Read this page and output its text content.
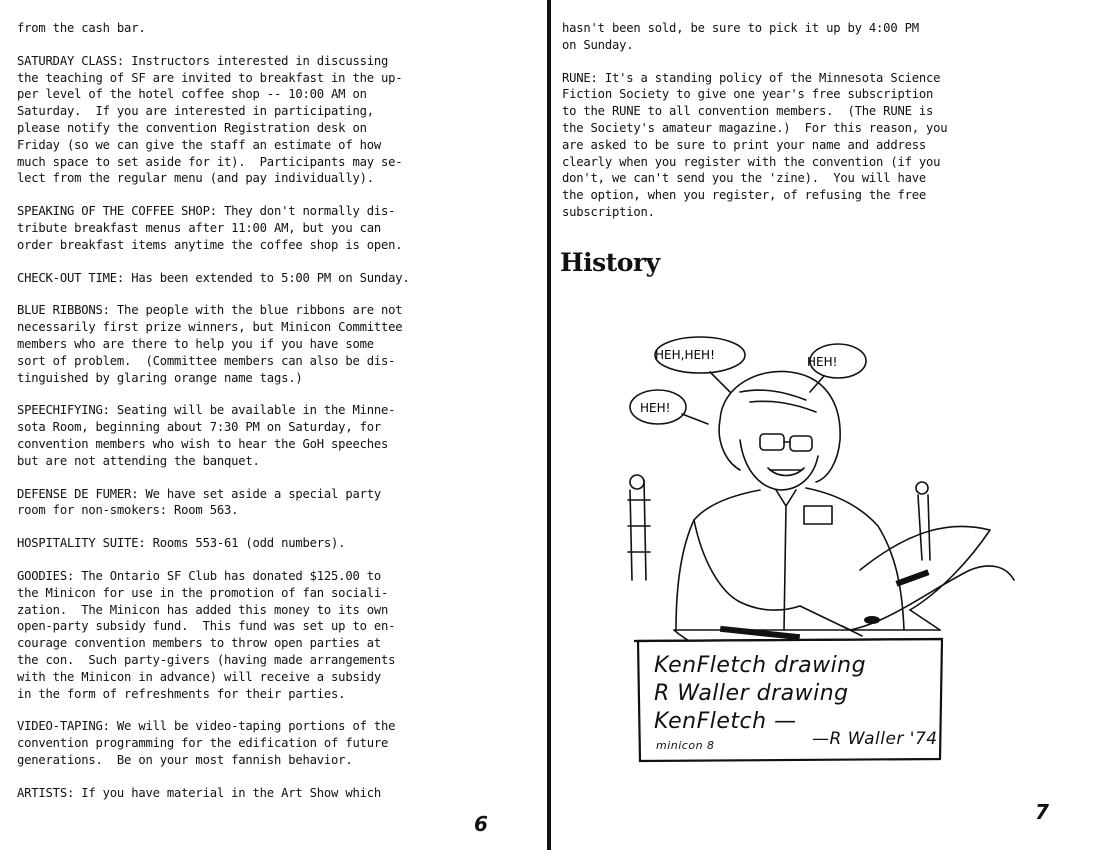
from the cash bar.

SATURDAY CLASS: Instructors interested in discussing
the teaching of SF are invited to breakfast in the up-
per level of the hotel coffee shop -- 10:00 AM on
Saturday.  If you are interested in participating,
please notify the convention Registration desk on
Friday (so we can give the staff an estimate of how
much space to set aside for it).  Participants may se-
lect from the regular menu (and pay individually).

SPEAKING OF THE COFFEE SHOP: They don't normally dis-
tribute breakfast menus after 11:00 AM, but you can
order breakfast items anytime the coffee shop is open.

CHECK-OUT TIME: Has been extended to 5:00 PM on Sunday.

BLUE RIBBONS: The people with the blue ribbons are not
necessarily first prize winners, but Minicon Committee
members who are there to help you if you have some
sort of problem.  (Committee members can also be dis-
tinguished by glaring orange name tags.)

SPEECHIFYING: Seating will be available in the Minne-
sota Room, beginning about 7:30 PM on Saturday, for
convention members who wish to hear the GoH speeches
but are not attending the banquet.

DEFENSE DE FUMER: We have set aside a special party
room for non-smokers: Room 563.

HOSPITALITY SUITE: Rooms 553-61 (odd numbers).

GOODIES: The Ontario SF Club has donated $125.00 to
the Minicon for use in the promotion of fan sociali-
zation.  The Minicon has added this money to its own
open-party subsidy fund.  This fund was set up to en-
courage convention members to throw open parties at
the con.  Such party-givers (having made arrangements
with the Minicon in advance) will receive a subsidy
in the form of refreshments for their parties.

VIDEO-TAPING: We will be video-taping portions of the
convention programming for the edification of future
generations.  Be on your most fannish behavior.

ARTISTS: If you have material in the Art Show which

6

hasn't been sold, be sure to pick it up by 4:00 PM
on Sunday.

RUNE: It's a standing policy of the Minnesota Science
Fiction Society to give one year's free subscription
to the RUNE to all convention members.  (The RUNE is
the Society's amateur magazine.)  For this reason, you
are asked to be sure to print your name and address
clearly when you register with the convention (if you
don't, we can't send you the 'zine).  You will have
the option, when you register, of refusing the free
subscription.

History
HEH,HEH!	HEH!
HEH!
KenFletch drawing
R Waller drawing
KenFletch —
minicon 8	—R Waller '74
7
